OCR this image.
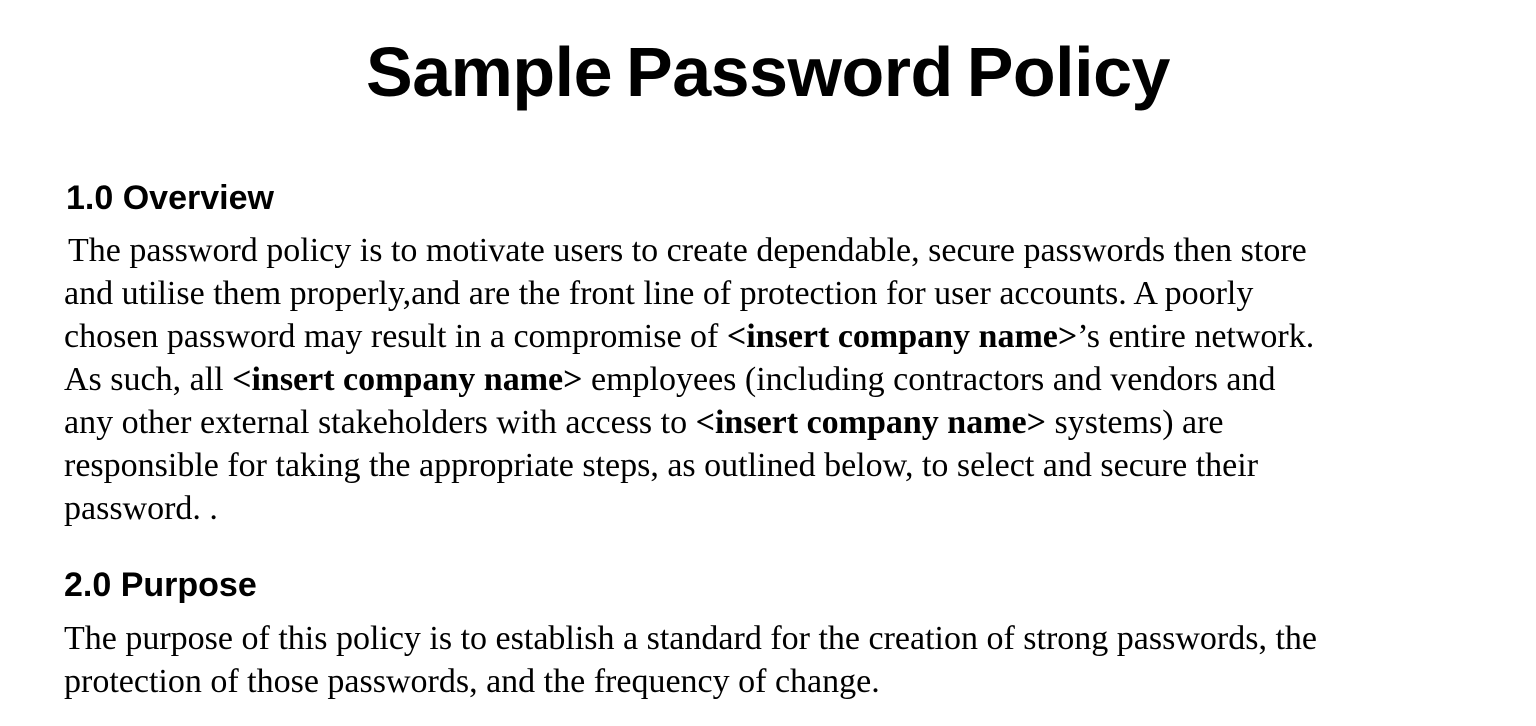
Sample Password Policy
1.0 Overview

The password policy is to motivate users to create dependable, secure passwords then store
and utilise them properly,and are the front line of protection for user accounts. A poorly
chosen password may result in a compromise of <insert company name>’s entire network.
As such, all <insert company name> employees (including contractors and vendors and
any other external stakeholders with access to <insert company name> systems) are
responsible for taking the appropriate steps, as outlined below, to select and secure their
password. .

2.0 Purpose

The purpose of this policy is to establish a standard for the creation of strong passwords, the
protection of those passwords, and the frequency of change.
